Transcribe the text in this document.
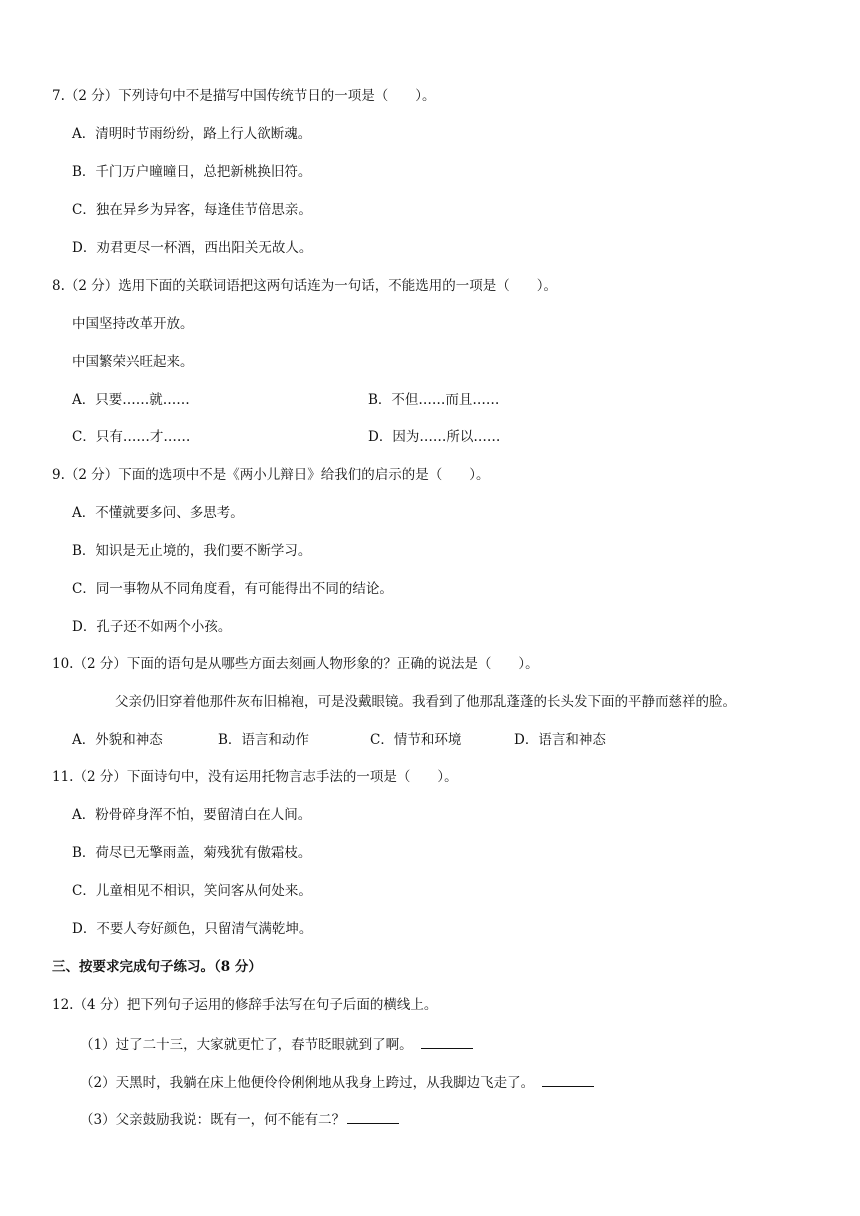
7.（2 分）下列诗句中不是描写中国传统节日的一项是（　　）。
A．清明时节雨纷纷，路上行人欲断魂。
B．千门万户曈曈日，总把新桃换旧符。
C．独在异乡为异客，每逢佳节倍思亲。
D．劝君更尽一杯酒，西出阳关无故人。
8.（2 分）选用下面的关联词语把这两句话连为一句话，不能选用的一项是（　　）。
中国坚持改革开放。
中国繁荣兴旺起来。
A．只要……就……	B．不但……而且……
C．只有……才……	D．因为……所以……
9.（2 分）下面的选项中不是《两小儿辩日》给我们的启示的是（　　）。
A．不懂就要多问、多思考。
B．知识是无止境的，我们要不断学习。
C．同一事物从不同角度看，有可能得出不同的结论。
D．孔子还不如两个小孩。
10.（2 分）下面的语句是从哪些方面去刻画人物形象的？正确的说法是（　　）。
父亲仍旧穿着他那件灰布旧棉袍，可是没戴眼镜。我看到了他那乱蓬蓬的长头发下面的平静而慈祥的脸。
A．外貌和神态	B．语言和动作	C．情节和环境	D．语言和神态
11.（2 分）下面诗句中，没有运用托物言志手法的一项是（　　）。
A．粉骨碎身浑不怕，要留清白在人间。
B．荷尽已无擎雨盖，菊残犹有傲霜枝。
C．儿童相见不相识，笑问客从何处来。
D．不要人夸好颜色，只留清气满乾坤。
三、按要求完成句子练习。（8 分）
12.（4 分）把下列句子运用的修辞手法写在句子后面的横线上。
（1）过了二十三，大家就更忙了，春节眨眼就到了啊。
（2）天黑时，我躺在床上他便伶伶俐俐地从我身上跨过，从我脚边飞走了。
（3）父亲鼓励我说：既有一，何不能有二？
